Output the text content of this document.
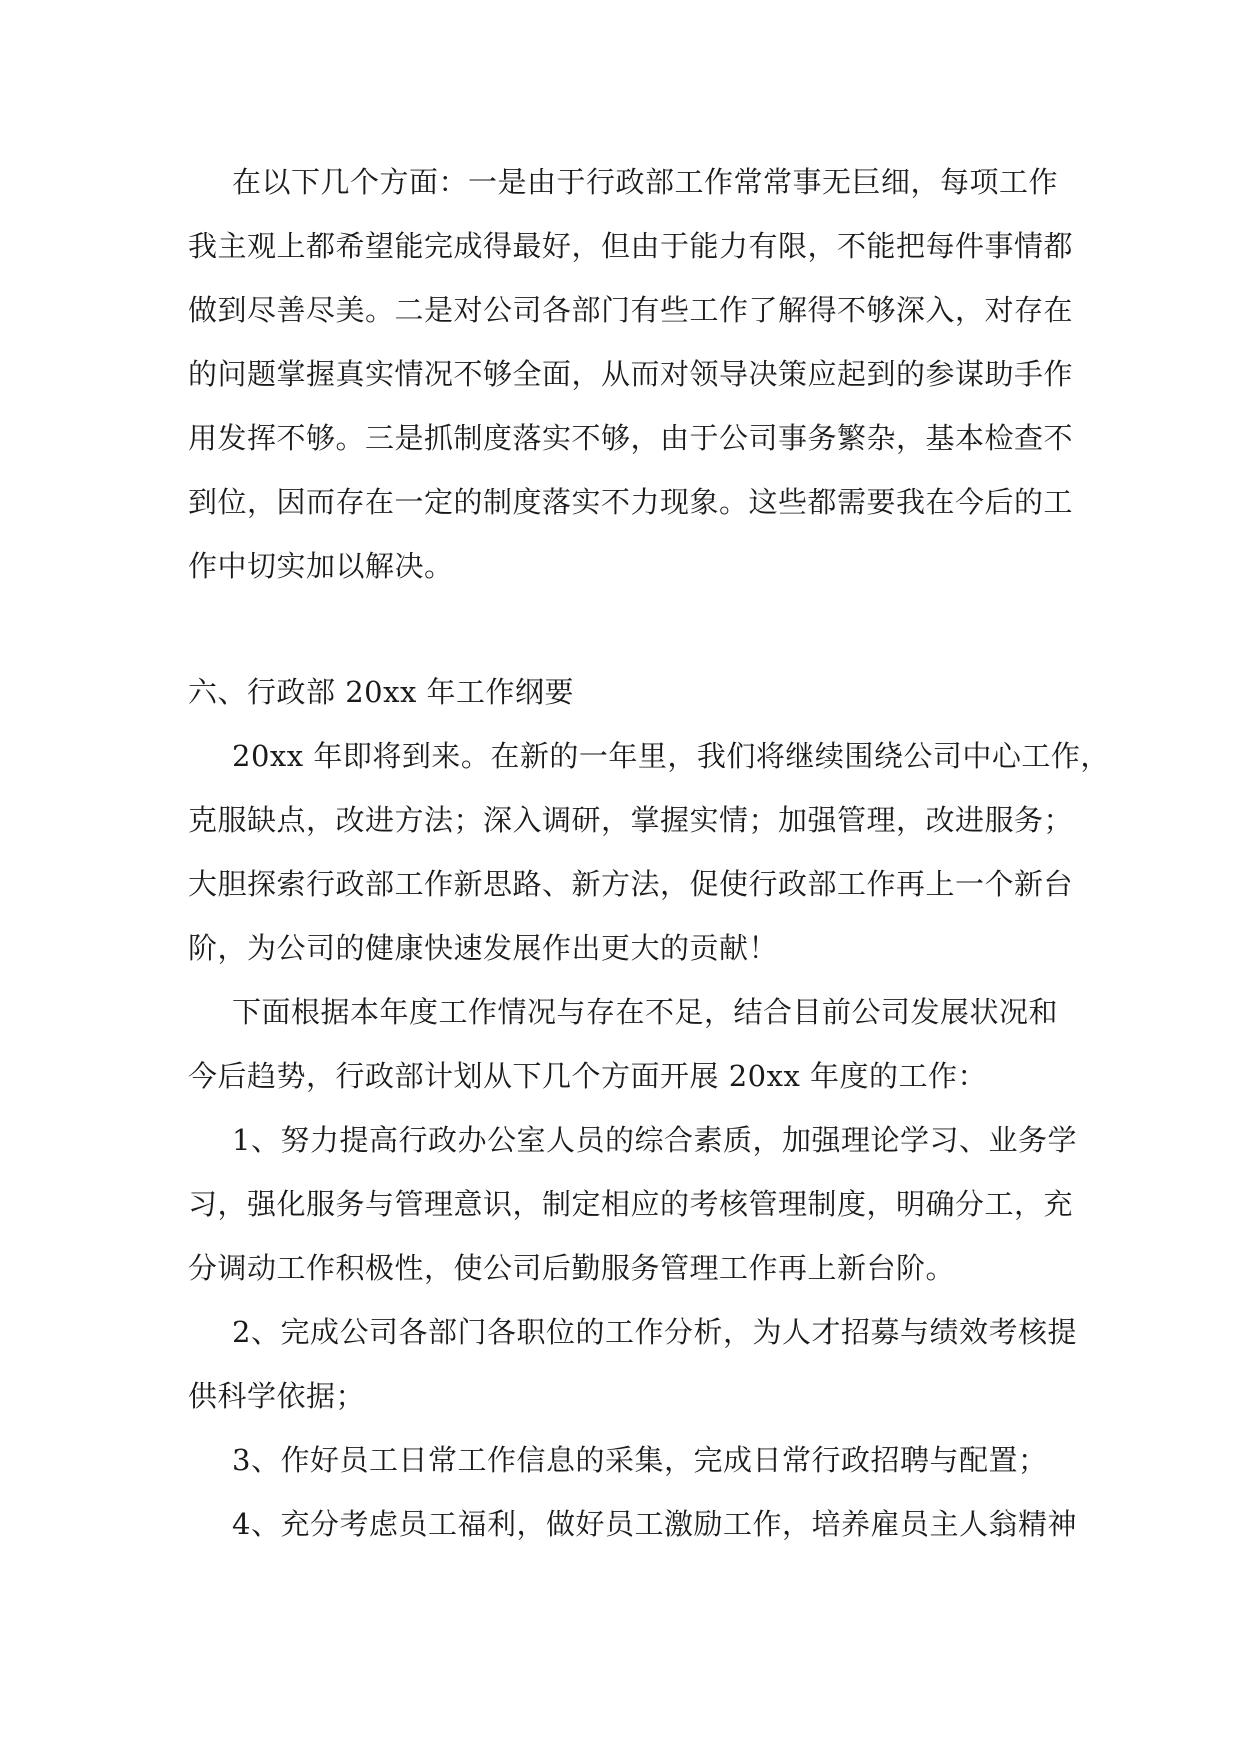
在以下几个方面：一是由于行政部工作常常事无巨细，每项工作
我主观上都希望能完成得最好，但由于能力有限，不能把每件事情都
做到尽善尽美。二是对公司各部门有些工作了解得不够深入，对存在
的问题掌握真实情况不够全面，从而对领导决策应起到的参谋助手作
用发挥不够。三是抓制度落实不够，由于公司事务繁杂，基本检查不
到位，因而存在一定的制度落实不力现象。这些都需要我在今后的工
作中切实加以解决。
六、行政部 20xx 年工作纲要
20xx 年即将到来。在新的一年里，我们将继续围绕公司中心工作，
克服缺点，改进方法；深入调研，掌握实情；加强管理，改进服务；
大胆探索行政部工作新思路、新方法，促使行政部工作再上一个新台
阶，为公司的健康快速发展作出更大的贡献！
下面根据本年度工作情况与存在不足，结合目前公司发展状况和
今后趋势，行政部计划从下几个方面开展 20xx 年度的工作：
1、努力提高行政办公室人员的综合素质，加强理论学习、业务学
习，强化服务与管理意识，制定相应的考核管理制度，明确分工，充
分调动工作积极性，使公司后勤服务管理工作再上新台阶。
2、完成公司各部门各职位的工作分析，为人才招募与绩效考核提
供科学依据；
3、作好员工日常工作信息的采集，完成日常行政招聘与配置；
4、充分考虑员工福利，做好员工激励工作，培养雇员主人翁精神
